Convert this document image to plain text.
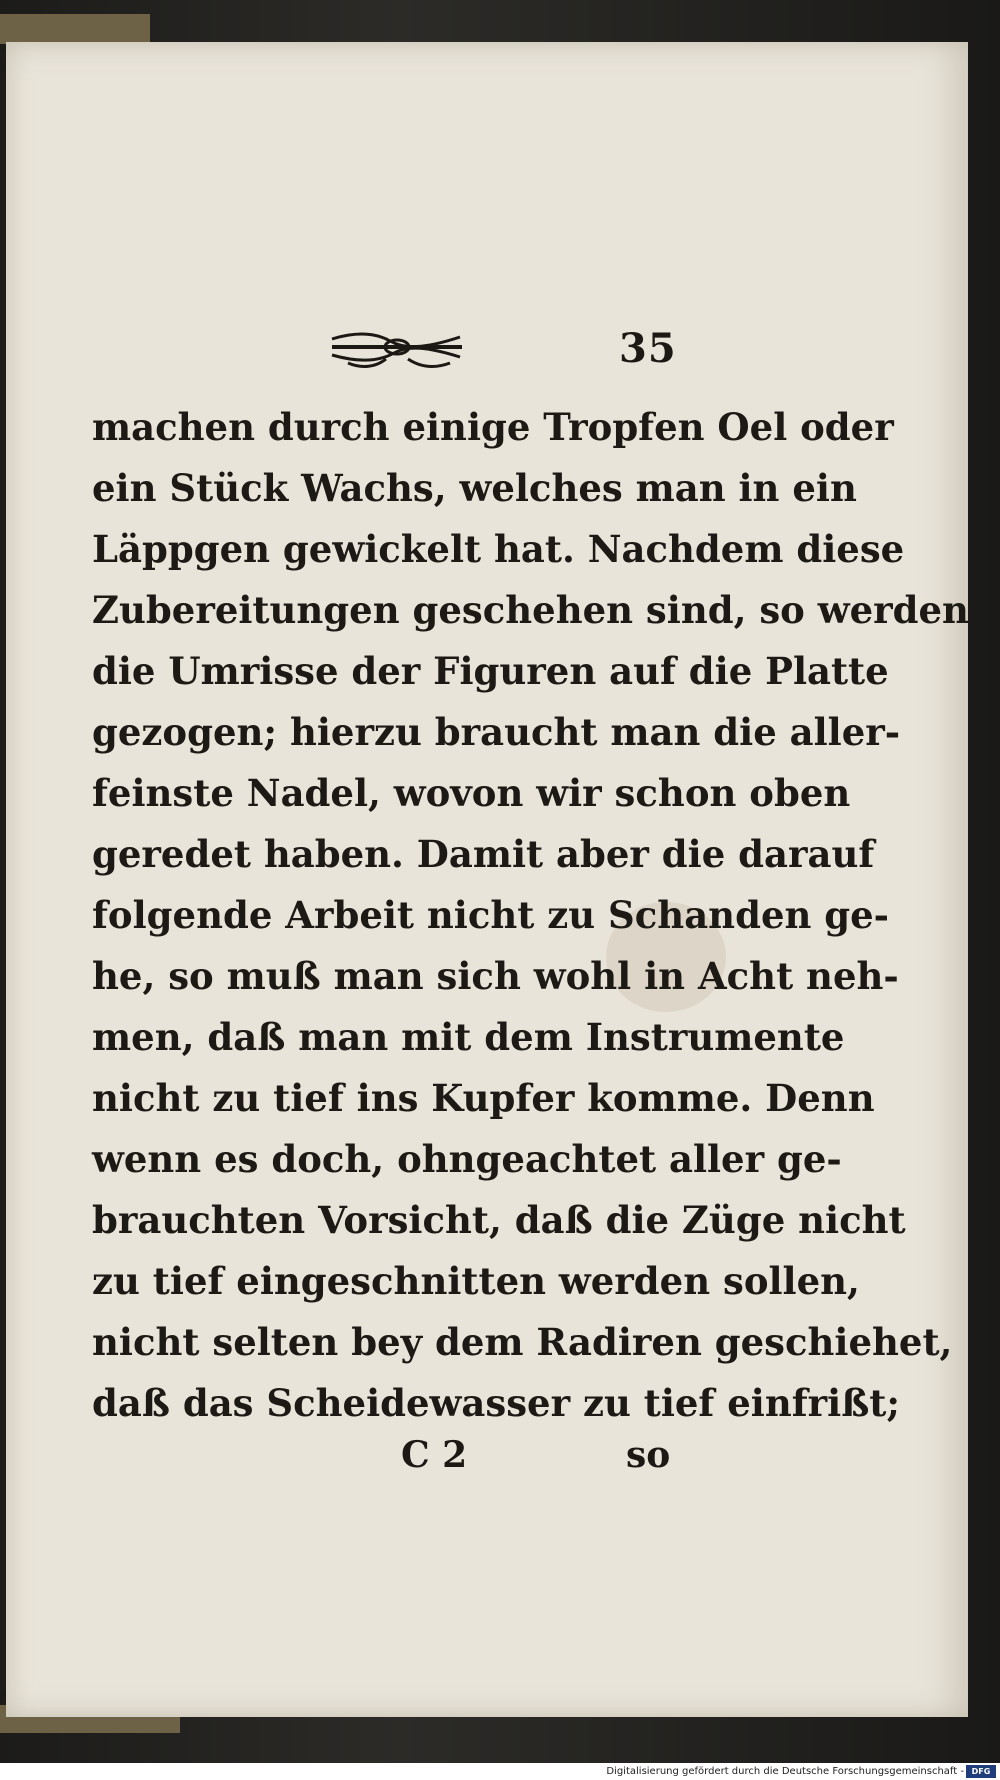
35
machen durch einige Tropfen Oel oder
ein Stück Wachs, welches man in ein
Läppgen gewickelt hat. Nachdem diese
Zubereitungen geschehen sind, so werden
die Umrisse der Figuren auf die Platte
gezogen; hierzu braucht man die aller-
feinste Nadel, wovon wir schon oben
geredet haben. Damit aber die darauf
folgende Arbeit nicht zu Schanden ge-
he, so muß man sich wohl in Acht neh-
men, daß man mit dem Instrumente
nicht zu tief ins Kupfer komme. Denn
wenn es doch, ohngeachtet aller ge-
brauchten Vorsicht, daß die Züge nicht
zu tief eingeschnitten werden sollen,
nicht selten bey dem Radiren geschiehet,
daß das Scheidewasser zu tief einfrißt;
C 2	so
Digitalisierung gefördert durch die Deutsche Forschungsgemeinschaft - DFG
